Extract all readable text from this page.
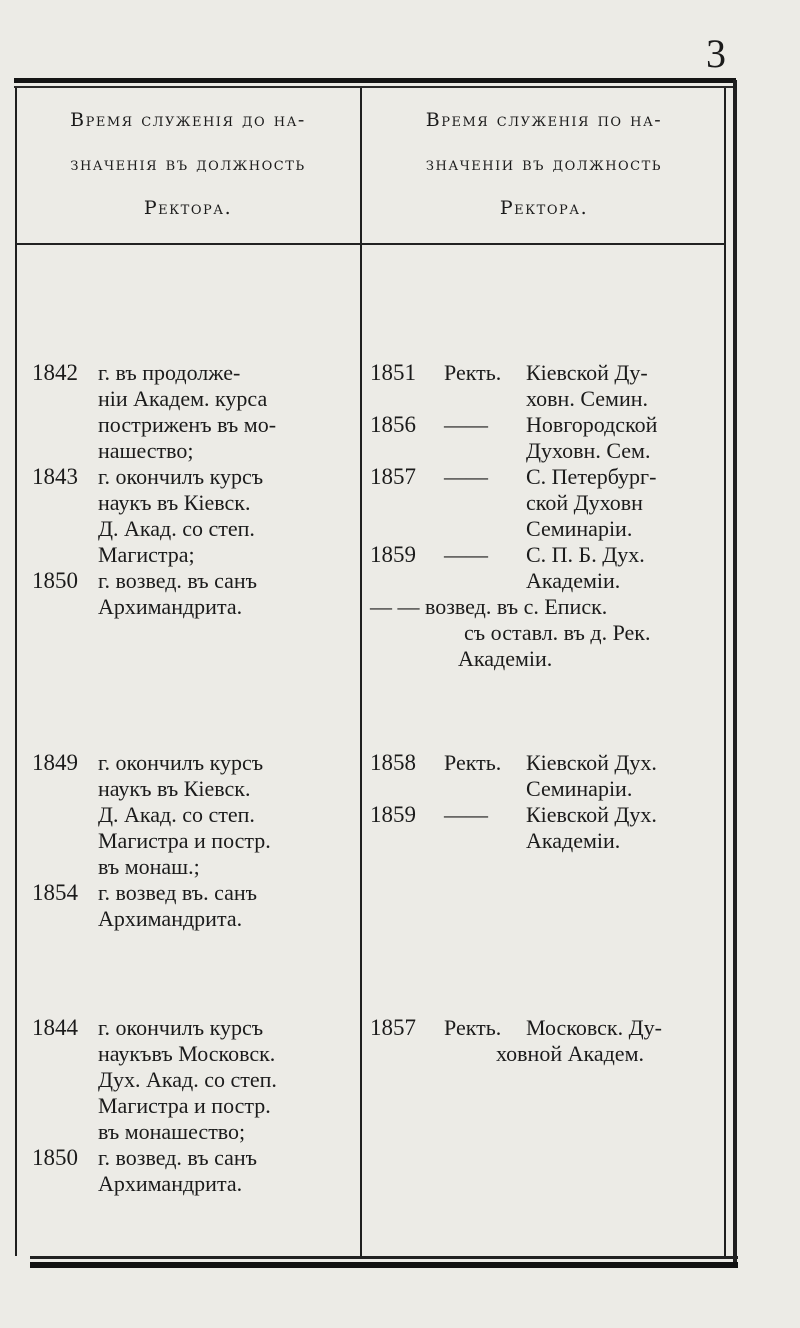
3
Время служенія до на-
значенія въ должность
Ректора.
Время служенія по на-
значеніи въ должность
Ректора.
1842 г. въ продолже-
ніи Академ. курса
постриженъ въ мо-
нашество;
1843 г. окончилъ курсъ
наукъ въ Кіевск.
Д. Акад. со степ.
Магистра;
1850 г. возвед. въ санъ
Архимандрита.
1851	Ректь.	Кіевской Ду-
ховн. Семин.
1856	——	Новгородской
Духовн. Сем.
1857	——	С. Петербург-
ской Духовн
Семинаріи.
1859	——	С. П. Б. Дух.
Академіи.
— — возвед. въ с. Еписк.
съ оставл. въ д. Рек.
Академіи.
1849 г. окончилъ курсъ
наукъ въ Кіевск.
Д. Акад. со степ.
Магистра и постр.
въ монаш.;
1854 г. возвед въ. санъ
Архимандрита.
1858	Ректь.	Кіевской Дух.
Семинаріи.
1859	——	Кіевской Дух.
Академіи.
1844 г. окончилъ курсъ
наукъвъ Московск.
Дух. Акад. со степ.
Магистра и постр.
въ монашество;
1850 г. возвед. въ санъ
Архимандрита.
1857	Ректь.	Московск. Ду-
ховной Академ.
